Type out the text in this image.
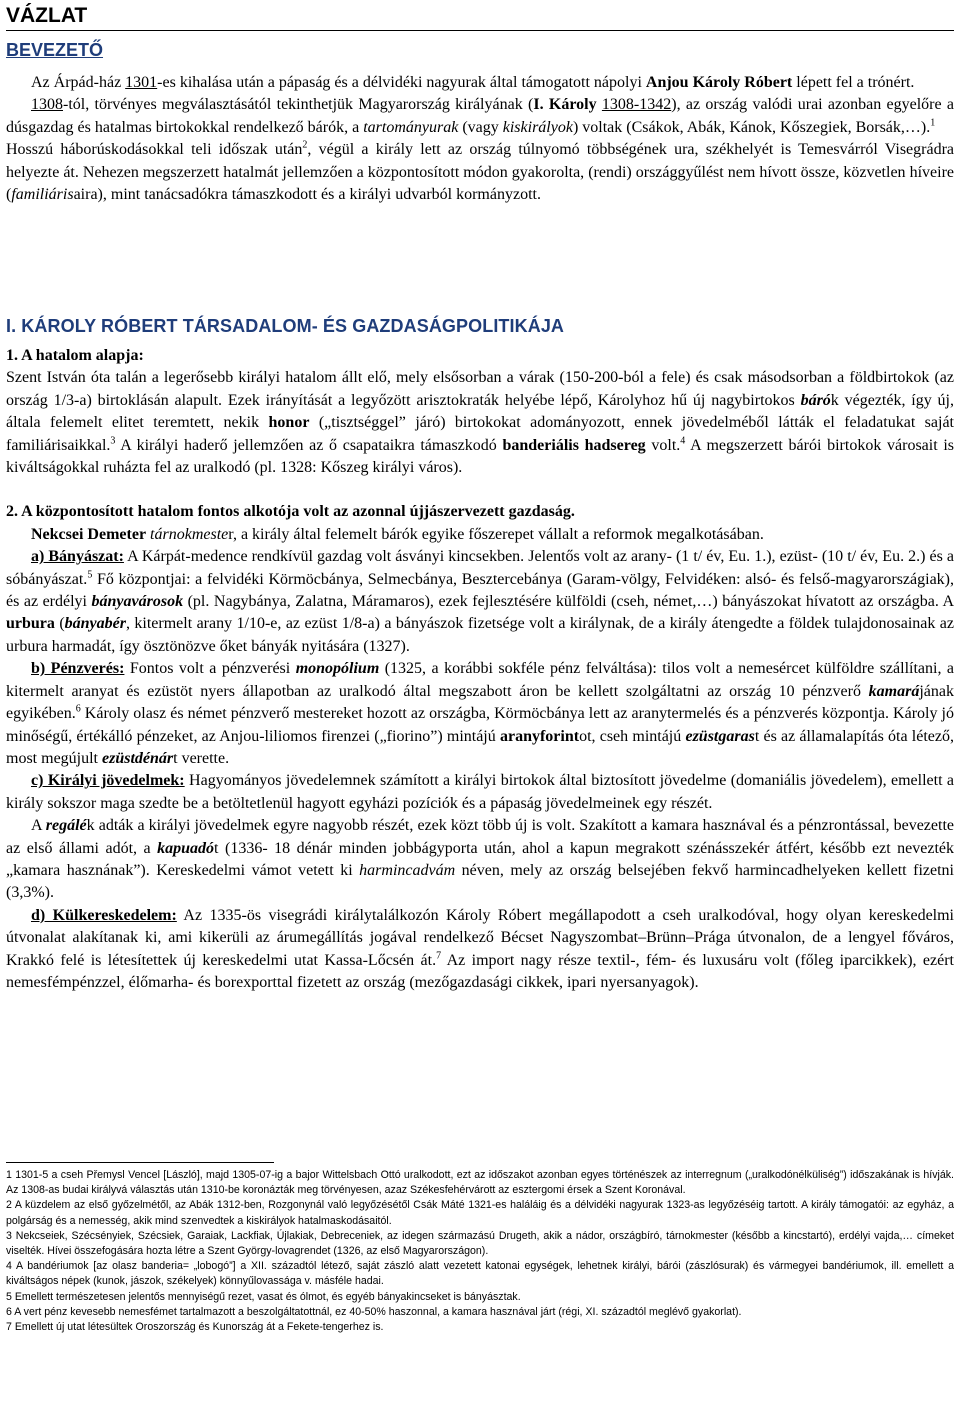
VÁZLAT
BEVEZETŐ

Az Árpád-ház 1301-es kihalása után a pápaság és a délvidéki nagyurak által támogatott nápolyi Anjou Károly Róbert lépett fel a trónért.

1308-tól, törvényes megválasztásától tekinthetjük Magyarország királyának (I. Károly 1308-1342), az ország valódi urai azonban egyelőre a dúsgazdag és hatalmas birtokokkal rendelkező bárók, a tartományurak (vagy kiskirályok) voltak (Csákok, Abák, Kánok, Kőszegiek, Borsák,…).$^1$

Hosszú háborúskodásokkal teli időszak után$^2$, végül a király lett az ország túlnyomó többségének ura, székhelyét is Temesvárról Visegrádra helyezte át. Nehezen megszerzett hatalmát jellemzően a központosított módon gyakorolta, (rendi) országgyűlést nem hívott össze, közvetlen híveire (familiárisaira), mint tanácsadókra támaszkodott és a királyi udvarból kormányzott.

I. KÁROLY RÓBERT TÁRSADALOM- ÉS GAZDASÁGPOLITIKÁJA

1. A hatalom alapja:

Szent István óta talán a legerősebb királyi hatalom állt elő, mely elsősorban a várak (150-200-ból a fele) és csak másodsorban a földbirtokok (az ország 1/3-a) birtoklásán alapult. Ezek irányítását a legyőzött arisztokraták helyébe lépő, Károlyhoz hű új nagybirtokos bárók végezték, így új, általa felemelt elitet teremtett, nekik honor („tisztséggel” járó) birtokokat adományozott, ennek jövedelméből látták el feladatukat saját familiárisaikkal.$^3$ A királyi haderő jellemzően az ő csapataikra támaszkodó banderiális hadsereg volt.$^4$ A megszerzett bárói birtokok városait is kiváltságokkal ruházta fel az uralkodó (pl. 1328: Kőszeg királyi város).

2. A központosított hatalom fontos alkotója volt az azonnal újjászervezett gazdaság.

Nekcsei Demeter tárnokmester, a király által felemelt bárók egyike főszerepet vállalt a reformok megalkotásában.

a) Bányászat: A Kárpát-medence rendkívül gazdag volt ásványi kincsekben. Jelentős volt az arany- (1 t/ év, Eu. 1.), ezüst- (10 t/ év, Eu. 2.) és a sóbányászat.$^5$ Fő központjai: a felvidéki Körmöcbánya, Selmecbánya, Besztercebánya (Garam-völgy, Felvidéken: alsó- és felső-magyarországiak), és az erdélyi bányavárosok (pl. Nagybánya, Zalatna, Máramaros), ezek fejlesztésére külföldi (cseh, német,…) bányászokat hívatott az országba. A urbura (bányabér, kitermelt arany 1/10-e, az ezüst 1/8-a) a bányászok fizetsége volt a királynak, de a király átengedte a földek tulajdonosainak az urbura harmadát, így ösztönözve őket bányák nyitására (1327).

b) Pénzverés: Fontos volt a pénzverési monopólium (1325, a korábbi sokféle pénz felváltása): tilos volt a nemesércet külföldre szállítani, a kitermelt aranyat és ezüstöt nyers állapotban az uralkodó által megszabott áron be kellett szolgáltatni az ország 10 pénzverő kamarájának egyikében.$^6$ Károly olasz és német pénzverő mestereket hozott az országba, Körmöcbánya lett az aranytermelés és a pénzverés központja. Károly jó minőségű, értékálló pénzeket, az Anjou-liliomos firenzei („fiorino”) mintájú aranyforintot, cseh mintájú ezüstgarast és az államalapítás óta létező, most megújult ezüstdénárt verette.

c) Királyi jövedelmek: Hagyományos jövedelemnek számított a királyi birtokok által biztosított jövedelme (domaniális jövedelem), emellett a király sokszor maga szedte be a betöltetlenül hagyott egyházi pozíciók és a pápaság jövedelmeinek egy részét.

A regálék adták a királyi jövedelmek egyre nagyobb részét, ezek közt több új is volt. Szakított a kamara hasznával és a pénzrontással, bevezette az első állami adót, a kapuadót (1336- 18 dénár minden jobbágyporta után, ahol a kapun megrakott szénásszekér átfért, később ezt nevezték „kamara hasznának”). Kereskedelmi vámot vetett ki harmincadvám néven, mely az ország belsejében fekvő harmincadhelyeken kellett fizetni (3,3%).

d) Külkereskedelem: Az 1335-ös visegrádi királytalálkozón Károly Róbert megállapodott a cseh uralkodóval, hogy olyan kereskedelmi útvonalat alakítanak ki, ami kikerüli az árumegállítás jogával rendelkező Bécset Nagyszombat–Brünn–Prága útvonalon, de a lengyel főváros, Krakkó felé is létesítettek új kereskedelmi utat Kassa-Lőcsén át.$^7$ Az import nagy része textil-, fém- és luxusáru volt (főleg iparcikkek), ezért nemesfémpénzzel, élőmarha- és borexporttal fizetett az ország (mezőgazdasági cikkek, ipari nyersanyagok).

1 1301-5 a cseh Přemysl Vencel [László], majd 1305-07-ig a bajor Wittelsbach Ottó uralkodott, ezt az időszakot azonban egyes történészek az interregnum („uralkodónélküliség”) időszakának is hívják. Az 1308-as budai királyvá választás után 1310-be koronázták meg törvényesen, azaz Székesfehérvárott az esztergomi érsek a Szent Koronával.

2 A küzdelem az első győzelmétől, az Abák 1312-ben, Rozgonynál való legyőzésétől Csák Máté 1321-es haláláig és a délvidéki nagyurak 1323-as legyőzéséig tartott. A király támogatói: az egyház, a polgárság és a nemesség, akik mind szenvedtek a kiskirályok hatalmaskodásaitól.

3 Nekcseiek, Szécsényiek, Szécsiek, Garaiak, Lackfiak, Újlakiak, Debreceniek, az idegen származású Drugeth, akik a nádor, országbíró, tárnokmester (később a kincstartó), erdélyi vajda,… címeket viselték. Hívei összefogására hozta létre a Szent György-lovagrendet (1326, az első Magyarországon).

4 A bandériumok [az olasz banderia= „lobogó”] a XII. századtól létező, saját zászló alatt vezetett katonai egységek, lehetnek királyi, bárói (zászlósurak) és vármegyei bandériumok, ill. emellett a kiváltságos népek (kunok, jászok, székelyek) könnyűlovassága v. másféle hadai.

5 Emellett természetesen jelentős mennyiségű rezet, vasat és ólmot, és egyéb bányakincseket is bányásztak.

6 A vert pénz kevesebb nemesfémet tartalmazott a beszolgáltatottnál, ez 40-50% haszonnal, a kamara hasznával járt (régi, XI. századtól meglévő gyakorlat).

7 Emellett új utat létesültek Oroszország és Kunország át a Fekete-tengerhez is.
